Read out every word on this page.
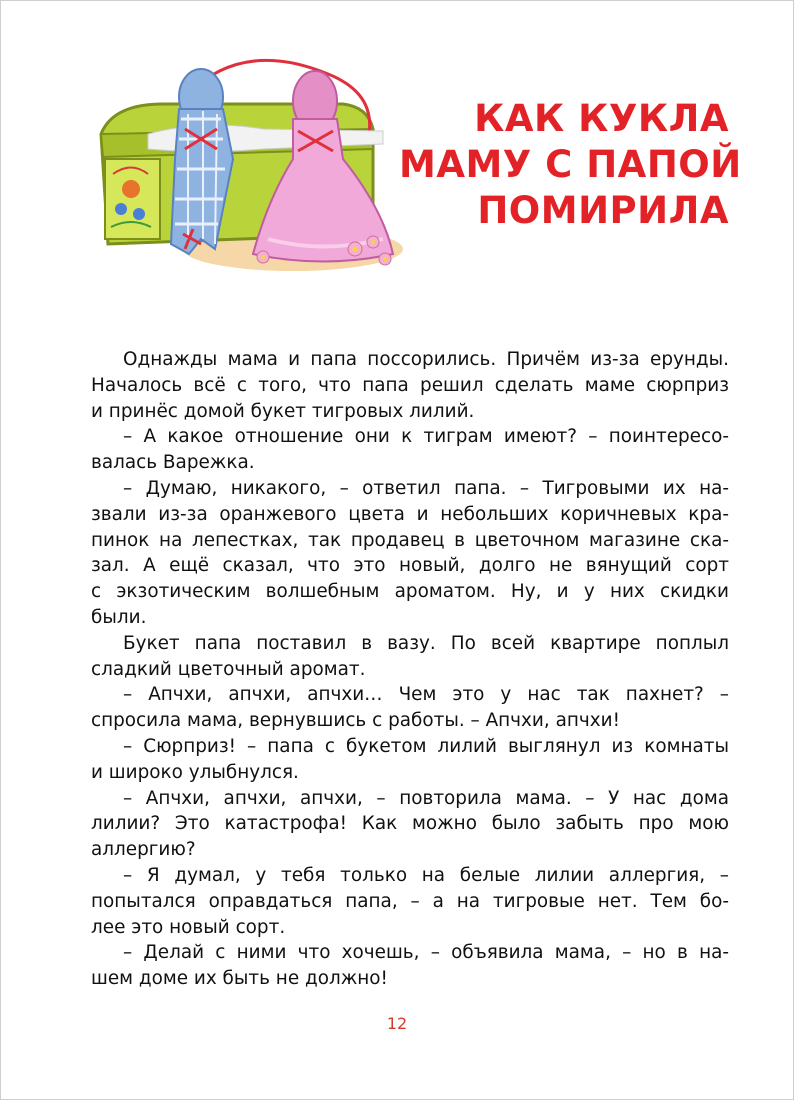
КАК КУКЛА
МАМУ С ПАПОЙ
ПОМИРИЛА
Однажды мама и папа поссорились. Причём из-за ерунды.
Началось всё с того, что папа решил сделать маме сюрприз
и принёс домой букет тигровых лилий.
– А какое отношение они к тиграм имеют? – поинтересо-
валась Варежка.
– Думаю, никакого, – ответил папа. – Тигровыми их на-
звали из-за оранжевого цвета и небольших коричневых кра-
пинок на лепестках, так продавец в цветочном магазине ска-
зал. А ещё сказал, что это новый, долго не вянущий сорт
с экзотическим волшебным ароматом. Ну, и у них скидки
были.
Букет папа поставил в вазу. По всей квартире поплыл
сладкий цветочный аромат.
– Апчхи, апчхи, апчхи… Чем это у нас так пахнет? –
спросила мама, вернувшись с работы. – Апчхи, апчхи!
– Сюрприз! – папа с букетом лилий выглянул из комнаты
и широко улыбнулся.
– Апчхи, апчхи, апчхи, – повторила мама. – У нас дома
лилии? Это катастрофа! Как можно было забыть про мою
аллергию?
– Я думал, у тебя только на белые лилии аллергия, –
попытался оправдаться папа, – а на тигровые нет. Тем бо-
лее это новый сорт.
– Делай с ними что хочешь, – объявила мама, – но в на-
шем доме их быть не должно!
12
